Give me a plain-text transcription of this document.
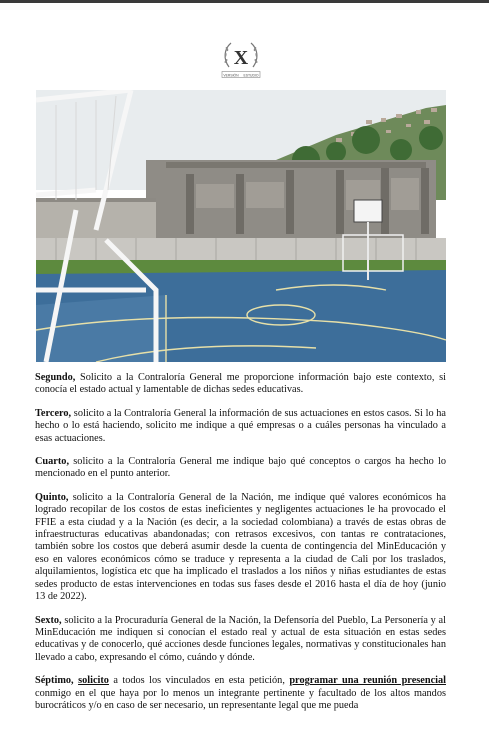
X
VERSIÓN ESTUDIO

Segundo, Solicito a la Contraloría General me proporcione información bajo este contexto, si conocía el estado actual y lamentable de dichas sedes educativas.

Tercero, solicito a la Contraloría General la información de sus actuaciones en estos casos. Si lo ha hecho o lo está haciendo, solicito me indique a qué empresas o a cuáles personas ha vinculado a esas actuaciones.

Cuarto, solicito a la Contraloría General me indique bajo qué conceptos o cargos ha hecho lo mencionado en el punto anterior.

Quinto, solicito a la Contraloría General de la Nación, me indique qué valores económicos ha logrado recopilar de los costos de estas ineficientes y negligentes actuaciones le ha provocado el FFIE a esta ciudad y a la Nación (es decir, a la sociedad colombiana) a través de estas obras de infraestructuras educativas abandonadas; con retrasos excesivos, con tantas re contrataciones, también sobre los costos que deberá asumir desde la cuenta de contingencia del MinEducación y eso en valores económicos cómo se traduce y representa a la ciudad de Cali por los traslados, alquilamientos, logística etc que ha implicado el traslados a los niños y niñas estudiantes de estas sedes producto de estas intervenciones en todas sus fases desde el 2016 hasta el día de hoy (junio 13 de 2022).

Sexto, solicito a la Procuraduría General de la Nación, la Defensoría del Pueblo, La Personería y al MinEducación me indiquen si conocían el estado real y actual de esta situación en estas sedes educativas y de conocerlo, qué acciones desde funciones legales, normativas y constitucionales han llevado a cabo, expresando el cómo, cuándo y dónde.

Séptimo, solicito a todos los vinculados en esta petición, programar una reunión presencial conmigo en el que haya por lo menos un integrante pertinente y facultado de los altos mandos burocráticos y/o en caso de ser necesario, un representante legal que me pueda
